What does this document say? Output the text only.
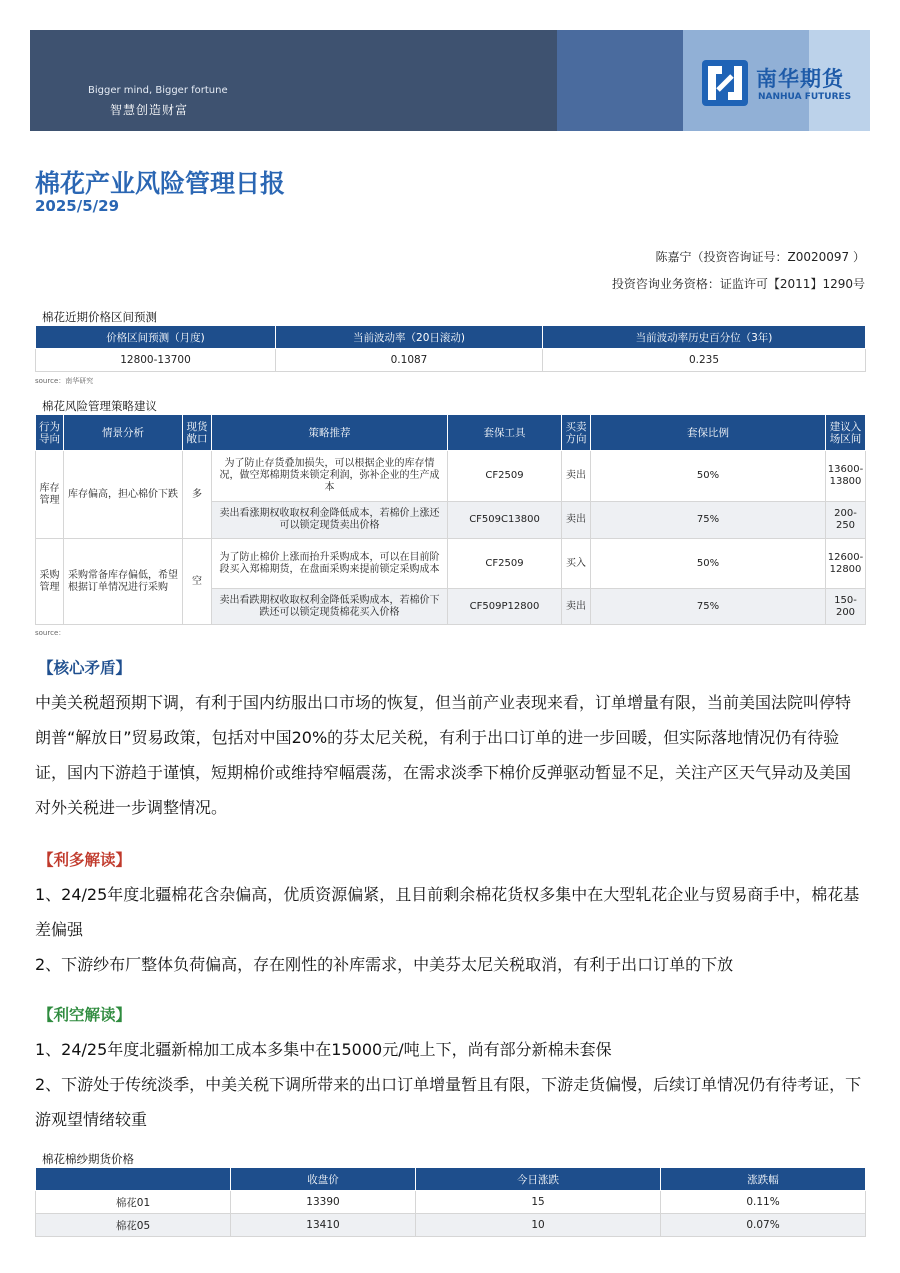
Bigger mind, Bigger fortune
智慧创造财富
南华期货
NANHUA FUTURES
棉花产业风险管理日报
2025/5/29
陈嘉宁（投资咨询证号：Z0020097 ）
投资咨询业务资格：证监许可【2011】1290号
棉花近期价格区间预测
价格区间预测（月度)	当前波动率（20日滚动)	当前波动率历史百分位（3年)
12800-13700	0.1087	0.235
source：南华研究
棉花风险管理策略建议
行为导向	情景分析	现货敞口	策略推荐	套保工具	买卖方向	套保比例	建议入场区间
库存管理	库存偏高，担心棉价下跌	多	为了防止存货叠加损失，可以根据企业的库存情况，做空郑棉期货来锁定利润，弥补企业的生产成本	CF2509	卖出	50%	13600-13800
			卖出看涨期权收取权利金降低成本，若棉价上涨还可以锁定现货卖出价格	CF509C13800	卖出	75%	200-250
采购管理	采购常备库存偏低，希望根据订单情况进行采购	空	为了防止棉价上涨而抬升采购成本，可以在目前阶段买入郑棉期货，在盘面采购来提前锁定采购成本	CF2509	买入	50%	12600-12800
			卖出看跌期权收取权利金降低采购成本，若棉价下跌还可以锁定现货棉花买入价格	CF509P12800	卖出	75%	150-200
source：
【核心矛盾】

中美关税超预期下调，有利于国内纺服出口市场的恢复，但当前产业表现来看，订单增量有限，当前美国法院叫停特朗普“解放日”贸易政策，包括对中国20%的芬太尼关税，有利于出口订单的进一步回暖，但实际落地情况仍有待验证，国内下游趋于谨慎，短期棉价或维持窄幅震荡，在需求淡季下棉价反弹驱动暂显不足，关注产区天气异动及美国对外关税进一步调整情况。

【利多解读】

1、24/25年度北疆棉花含杂偏高，优质资源偏紧，且目前剩余棉花货权多集中在大型轧花企业与贸易商手中，棉花基差偏强

2、下游纱布厂整体负荷偏高，存在刚性的补库需求，中美芬太尼关税取消，有利于出口订单的下放

【利空解读】

1、24/25年度北疆新棉加工成本多集中在15000元/吨上下，尚有部分新棉未套保

2、下游处于传统淡季，中美关税下调所带来的出口订单增量暂且有限，下游走货偏慢，后续订单情况仍有待考证，下游观望情绪较重

棉花棉纱期货价格
	收盘价	今日涨跌	涨跌幅
棉花01	13390	15	0.11%
棉花05	13410	10	0.07%
